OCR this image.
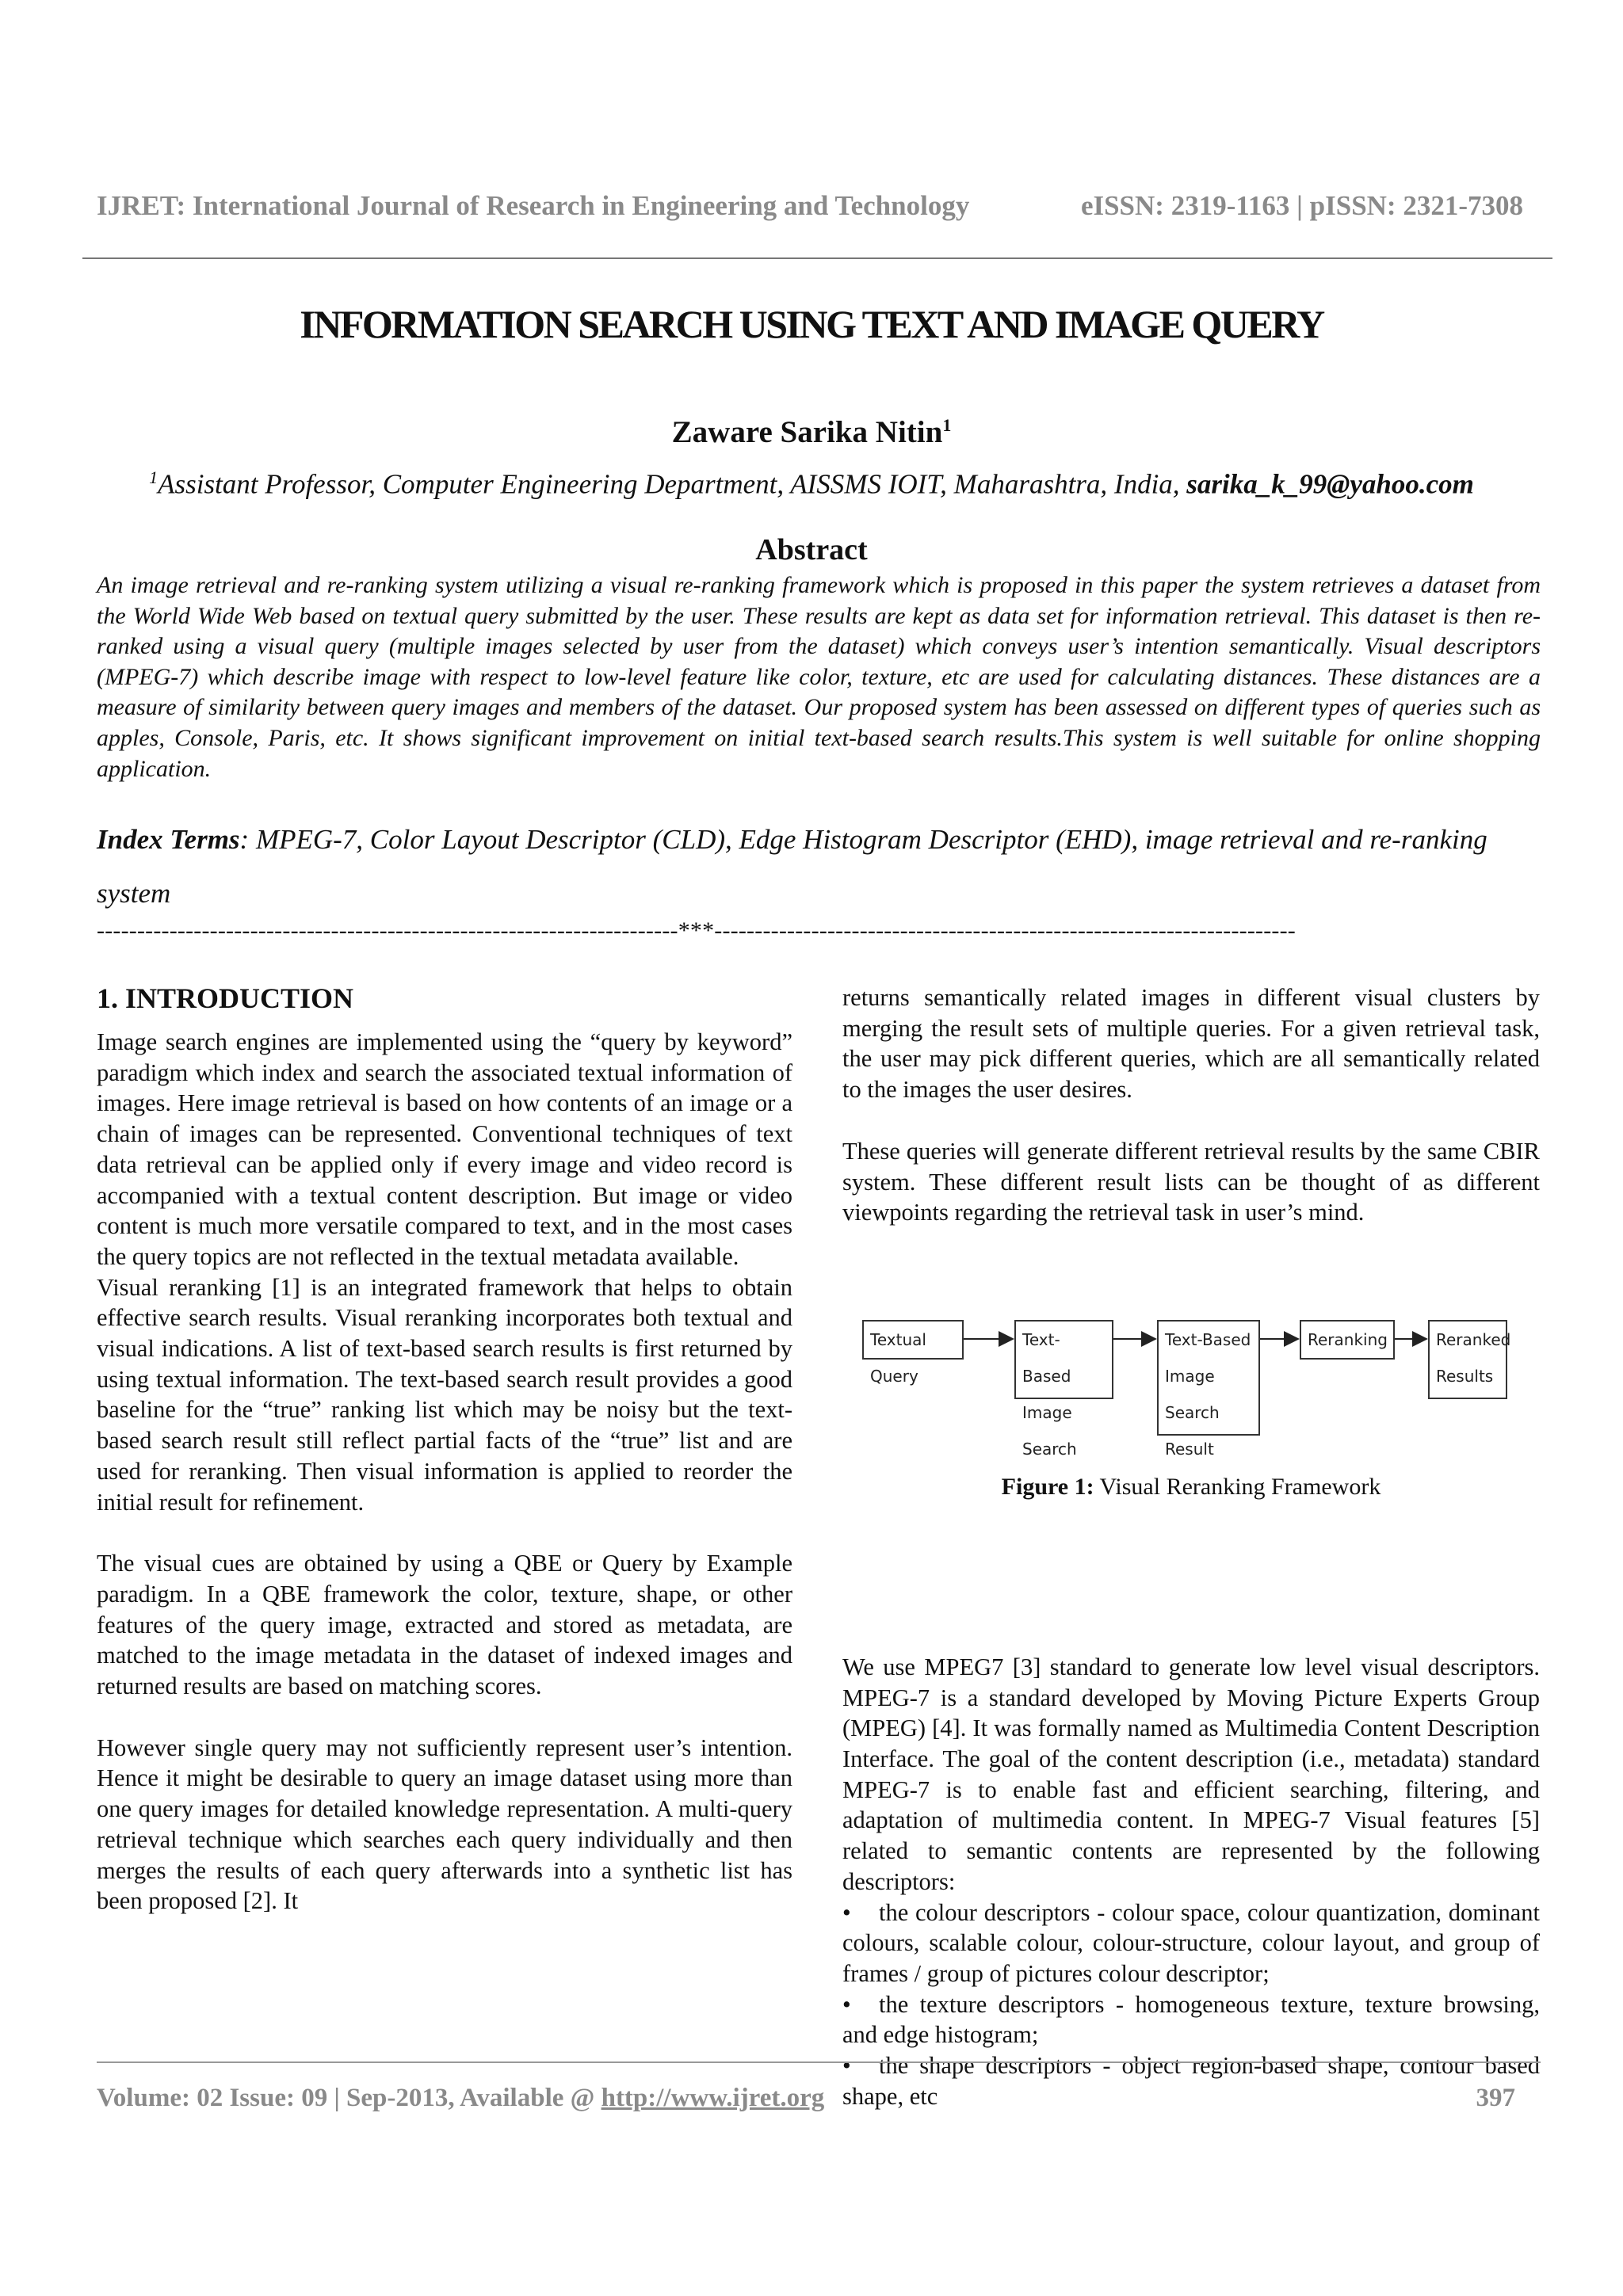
IJRET: International Journal of Research in Engineering and Technology	eISSN: 2319-1163 | pISSN: 2321-7308
INFORMATION SEARCH USING TEXT AND IMAGE QUERY
Zaware Sarika Nitin$^1$
$^1$Assistant Professor, Computer Engineering Department, AISSMS IOIT, Maharashtra, India, sarika_k_99@yahoo.com
Abstract
An image retrieval and re-ranking system utilizing a visual re-ranking framework which is proposed in this paper the system retrieves a dataset from the World Wide Web based on textual query submitted by the user. These results are kept as data set for information retrieval. This dataset is then re-ranked using a visual query (multiple images selected by user from the dataset) which conveys user’s intention semantically. Visual descriptors (MPEG-7) which describe image with respect to low-level feature like color, texture, etc are used for calculating distances. These distances are a measure of similarity between query images and members of the dataset. Our proposed system has been assessed on different types of queries such as apples, Console, Paris, etc. It shows significant improvement on initial text-based search results.This system is well suitable for online shopping application.
Index Terms: MPEG-7, Color Layout Descriptor (CLD), Edge Histogram Descriptor (EHD), image retrieval and re-ranking system
------------------------------------------------------------------------***------------------------------------------------------------------------
1. INTRODUCTION

Image search engines are implemented using the “query by keyword” paradigm which index and search the associated textual information of images. Here image retrieval is based on how contents of an image or a chain of images can be represented. Conventional techniques of text data retrieval can be applied only if every image and video record is accompanied with a textual content description. But image or video content is much more versatile compared to text, and in the most cases the query topics are not reflected in the textual metadata available.

Visual reranking [1] is an integrated framework that helps to obtain effective search results. Visual reranking incorporates both textual and visual indications. A list of text-based search results is first returned by using textual information. The text-based search result provides a good baseline for the “true” ranking list which may be noisy but the text-based search result still reflect partial facts of the “true” list and are used for reranking. Then visual information is applied to reorder the initial result for refinement.

The visual cues are obtained by using a QBE or Query by Example paradigm. In a QBE framework the color, texture, shape, or other features of the query image, extracted and stored as metadata, are matched to the image metadata in the dataset of indexed images and returned results are based on matching scores.

However single query may not sufficiently represent user’s intention. Hence it might be desirable to query an image dataset using more than one query images for detailed knowledge representation. A multi-query retrieval technique which searches each query individually and then merges the results of each query afterwards into a synthetic list has been proposed [2]. It

returns semantically related images in different visual clusters by merging the result sets of multiple queries. For a given retrieval task, the user may pick different queries, which are all semantically related to the images the user desires.

These queries will generate different retrieval results by the same CBIR system. These different result lists can be thought of as different viewpoints regarding the retrieval task in user’s mind.

We use MPEG7 [3] standard to generate low level visual descriptors. MPEG-7 is a standard developed by Moving Picture Experts Group (MPEG) [4]. It was formally named as Multimedia Content Description Interface. The goal of the content description (i.e., metadata) standard MPEG-7 is to enable fast and efficient searching, filtering, and adaptation of multimedia content. In MPEG-7 Visual features [5] related to semantic contents are represented by the following descriptors:

• the colour descriptors - colour space, colour quantization, dominant colours, scalable colour, colour-structure, colour layout, and group of frames / group of pictures colour descriptor;

• the texture descriptors - homogeneous texture, texture browsing, and edge histogram;

• the shape descriptors - object region-based shape, contour based shape, etc

Textual Query
Text-Based Image Search
Text-Based Image Search Result
Reranking	Reranked Results
Figure 1: Visual Reranking Framework
Volume: 02 Issue: 09 | Sep-2013, Available @ http://www.ijret.org	397
